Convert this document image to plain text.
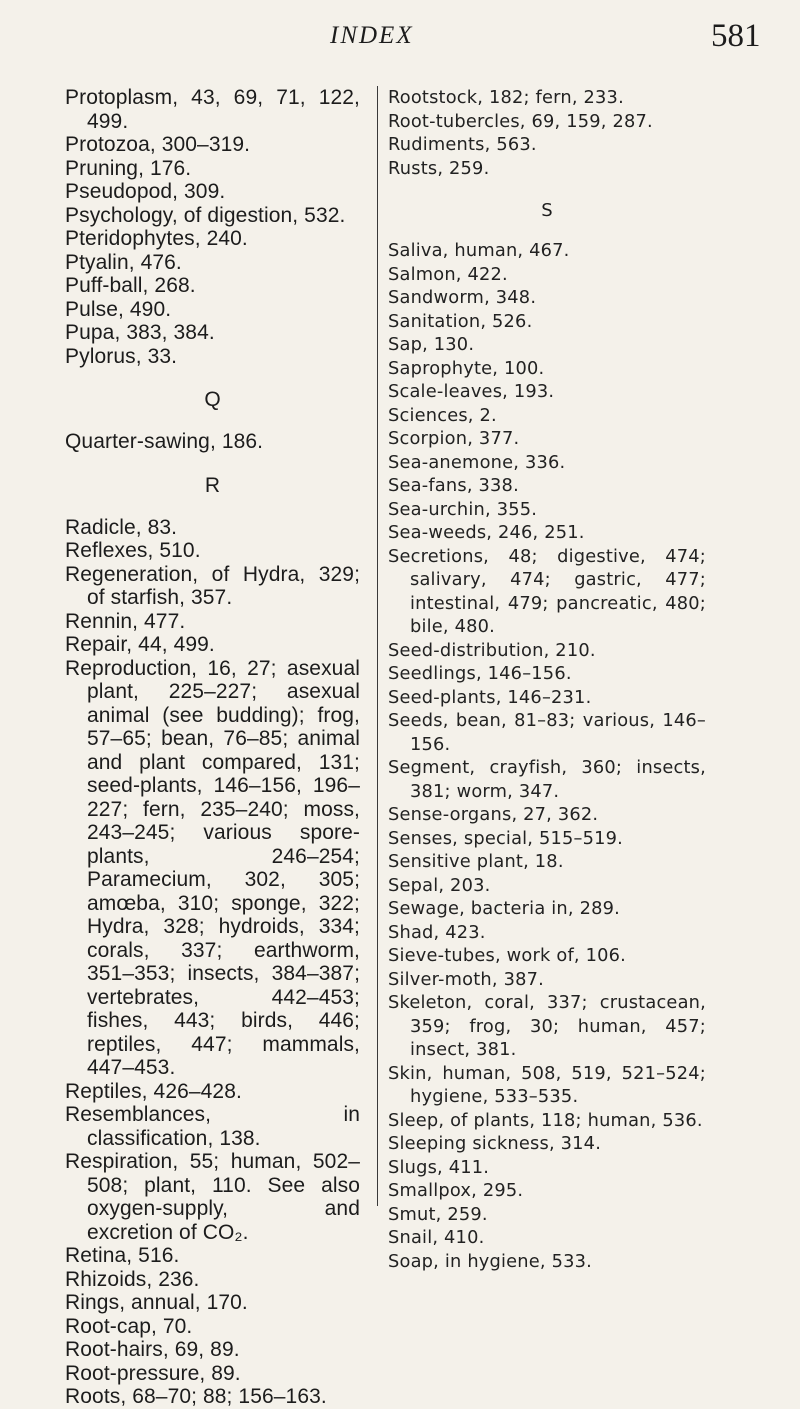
INDEX	581

Protoplasm, 43, 69, 71, 122, 499.

Protozoa, 300–319.

Pruning, 176.

Pseudopod, 309.

Psychology, of digestion, 532.

Pteridophytes, 240.

Ptyalin, 476.

Puff-ball, 268.

Pulse, 490.

Pupa, 383, 384.

Pylorus, 33.

Q

Quarter-sawing, 186.

R

Radicle, 83.

Reflexes, 510.

Regeneration, of Hydra, 329; of starfish, 357.

Rennin, 477.

Repair, 44, 499.

Reproduction, 16, 27; asexual plant, 225–227; asexual animal (see budding); frog, 57–65; bean, 76–85; animal and plant compared, 131; seed-plants, 146–156, 196–227; fern, 235–240; moss, 243–245; various spore-plants, 246–254; Paramecium, 302, 305; amœba, 310; sponge, 322; Hydra, 328; hydroids, 334; corals, 337; earthworm, 351–353; insects, 384–387; vertebrates, 442–453; fishes, 443; birds, 446; reptiles, 447; mammals, 447–453.

Reptiles, 426–428.

Resemblances, in classification, 138.

Respiration, 55; human, 502–508; plant, 110. See also oxygen-supply, and excretion of CO₂.

Retina, 516.

Rhizoids, 236.

Rings, annual, 170.

Root-cap, 70.

Root-hairs, 69, 89.

Root-pressure, 89.

Roots, 68–70; 88; 156–163.

Rootstock, 182; fern, 233.

Root-tubercles, 69, 159, 287.

Rudiments, 563.

Rusts, 259.

S

Saliva, human, 467.

Salmon, 422.

Sandworm, 348.

Sanitation, 526.

Sap, 130.

Saprophyte, 100.

Scale-leaves, 193.

Sciences, 2.

Scorpion, 377.

Sea-anemone, 336.

Sea-fans, 338.

Sea-urchin, 355.

Sea-weeds, 246, 251.

Secretions, 48; digestive, 474; salivary, 474; gastric, 477; intestinal, 479; pancreatic, 480; bile, 480.

Seed-distribution, 210.

Seedlings, 146–156.

Seed-plants, 146–231.

Seeds, bean, 81–83; various, 146–156.

Segment, crayfish, 360; insects, 381; worm, 347.

Sense-organs, 27, 362.

Senses, special, 515–519.

Sensitive plant, 18.

Sepal, 203.

Sewage, bacteria in, 289.

Shad, 423.

Sieve-tubes, work of, 106.

Silver-moth, 387.

Skeleton, coral, 337; crustacean, 359; frog, 30; human, 457; insect, 381.

Skin, human, 508, 519, 521–524; hygiene, 533–535.

Sleep, of plants, 118; human, 536.

Sleeping sickness, 314.

Slugs, 411.

Smallpox, 295.

Smut, 259.

Snail, 410.

Soap, in hygiene, 533.
